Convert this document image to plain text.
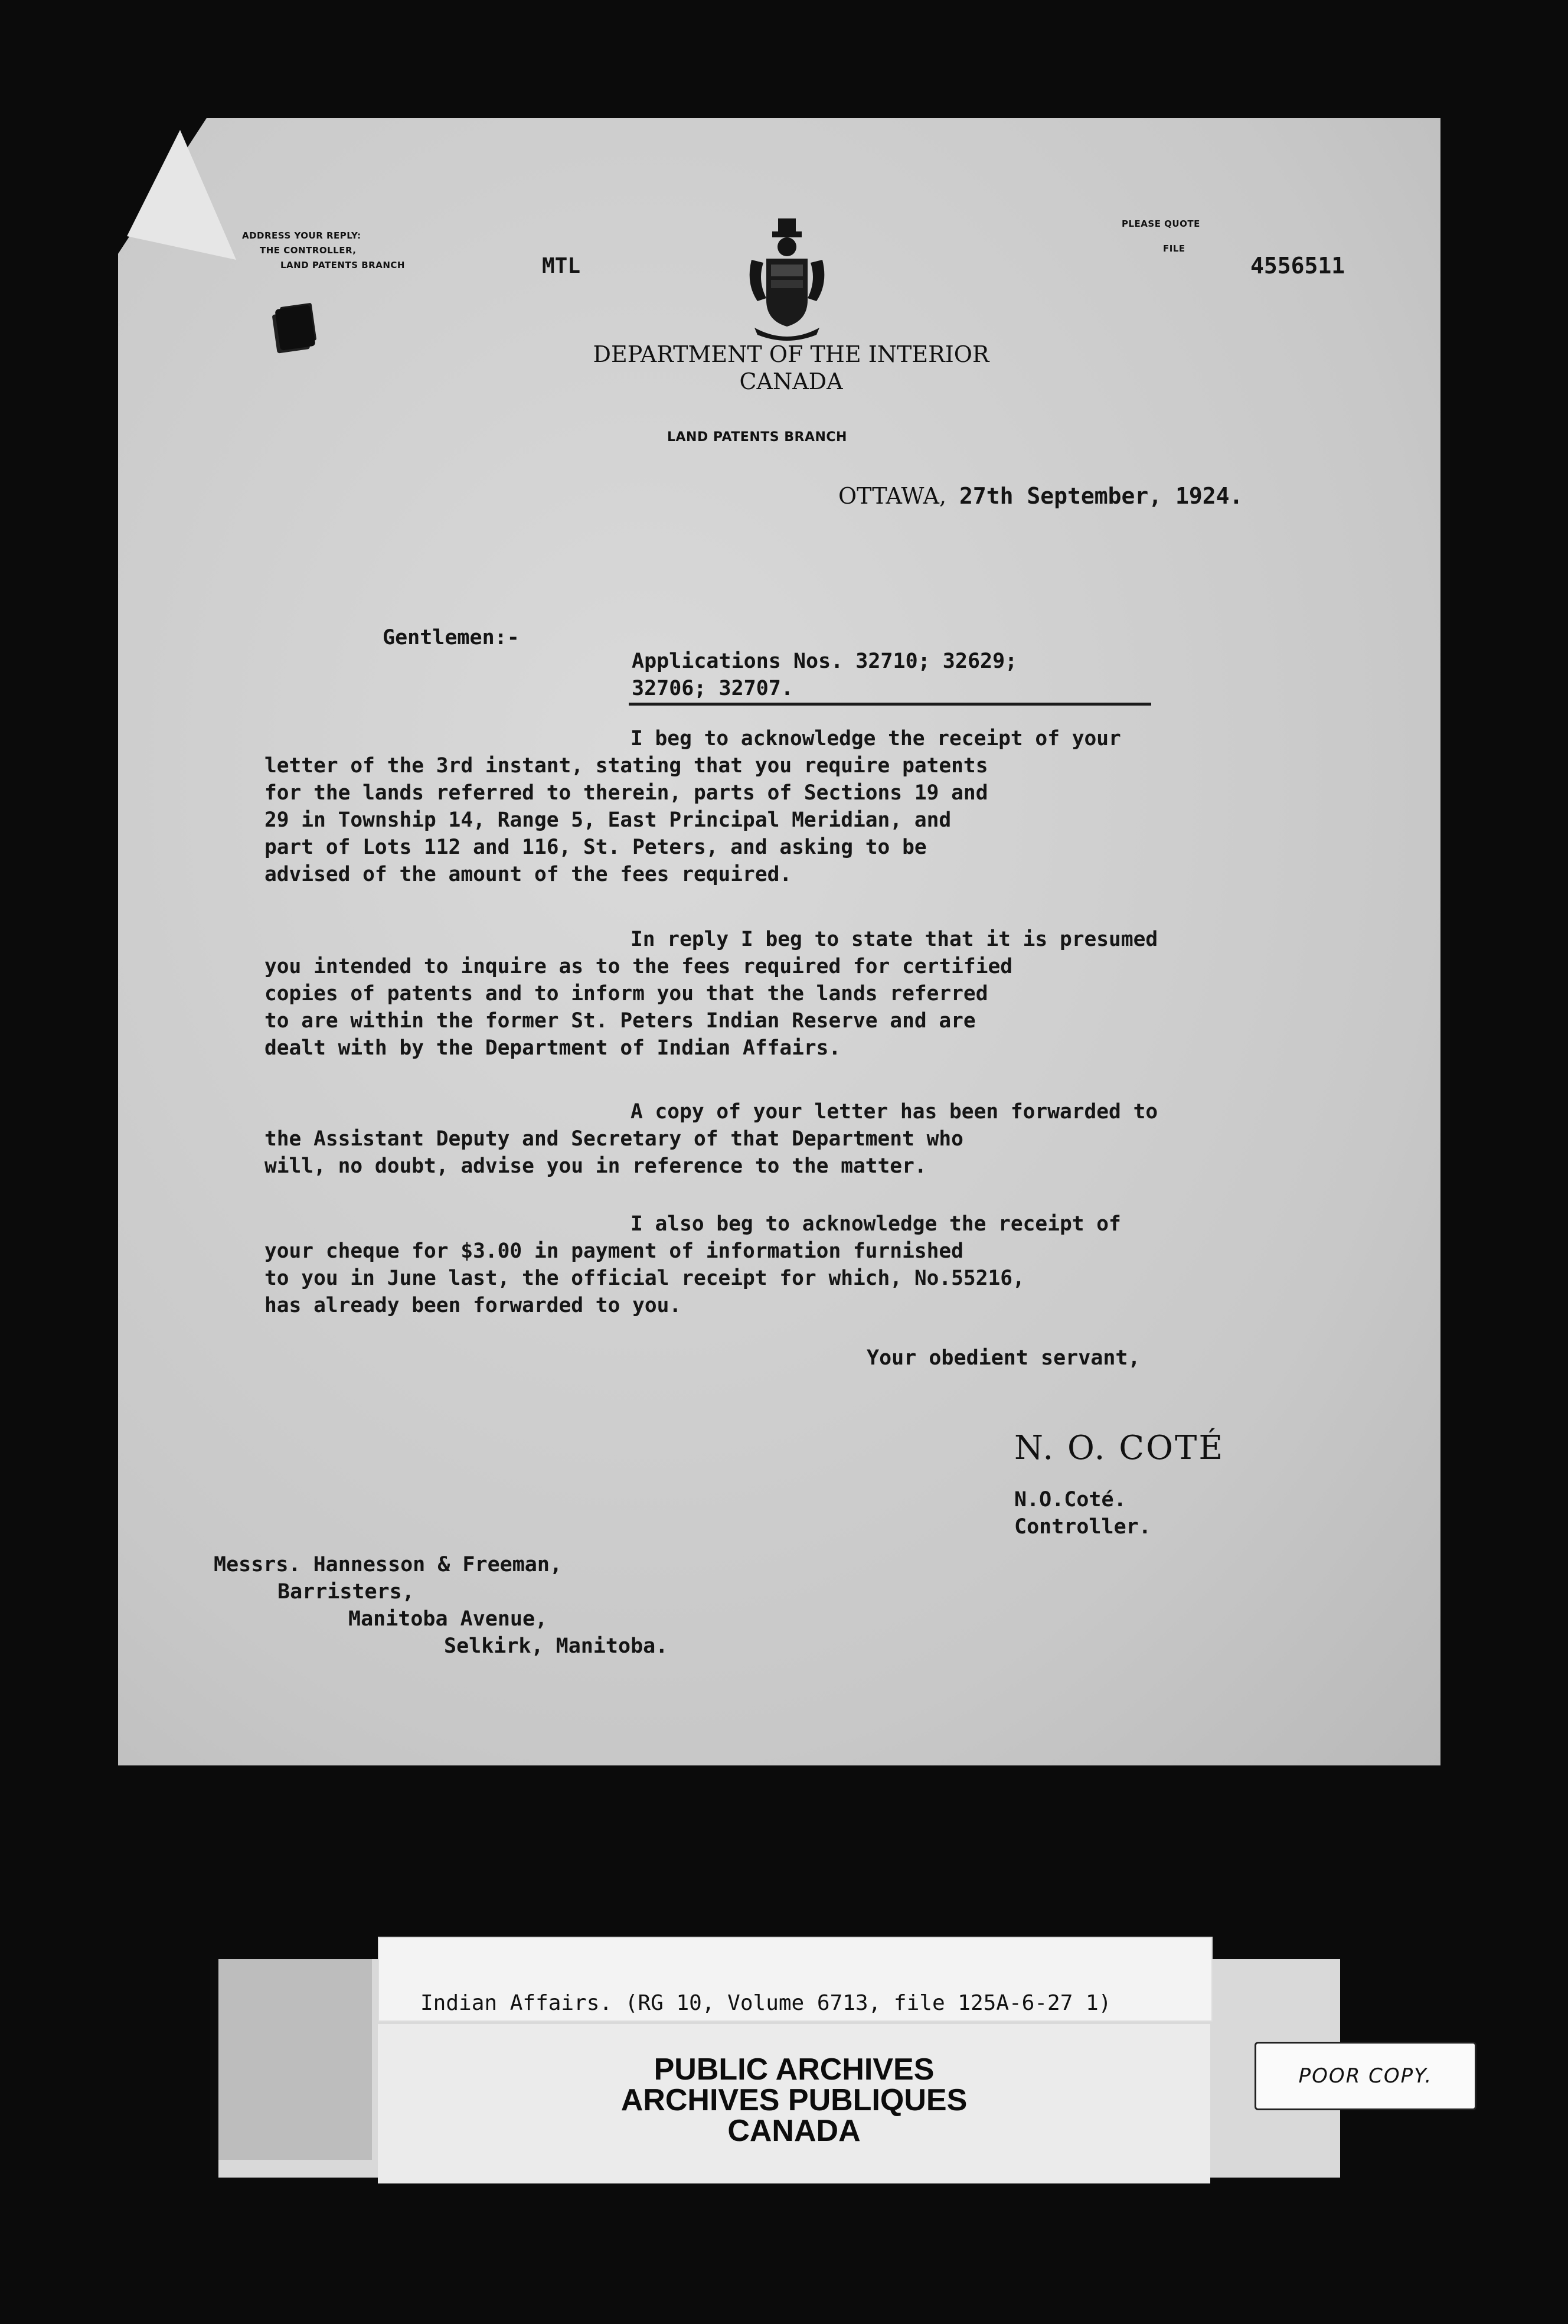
ADDRESS YOUR REPLY:
THE CONTROLLER,
LAND PATENTS BRANCH	MTL
PLEASE QUOTE
FILE
4556511
DEPARTMENT OF THE INTERIOR
CANADA
LAND PATENTS BRANCH
OTTAWA, 27th September, 1924.
Gentlemen:-
Applications Nos. 32710; 32629;
32706; 32707.
I beg to acknowledge the receipt of your
letter of the 3rd instant, stating that you require patents
for the lands referred to therein, parts of Sections 19 and
29 in Township 14, Range 5, East Principal Meridian, and
part of Lots 112 and 116, St. Peters, and asking to be
advised of the amount of the fees required.
In reply I beg to state that it is presumed
you intended to inquire as to the fees required for certified
copies of patents and to inform you that the lands referred
to are within the former St. Peters Indian Reserve and are
dealt with by the Department of Indian Affairs.
A copy of your letter has been forwarded to
the Assistant Deputy and Secretary of that Department who
will, no doubt, advise you in reference to the matter.
I also beg to acknowledge the receipt of
your cheque for $3.00 in payment of information furnished
to you in June last, the official receipt for which, No.55216,
has already been forwarded to you.
Your obedient servant,
N. O. COTÉ
N.O.Coté.
Controller.
Messrs. Hannesson & Freeman,
Barristers,
Manitoba Avenue,
Selkirk, Manitoba.
Indian Affairs. (RG 10, Volume 6713, file 125A-6-27 1)
PUBLIC ARCHIVES
ARCHIVES PUBLIQUES
CANADA
POOR COPY.
